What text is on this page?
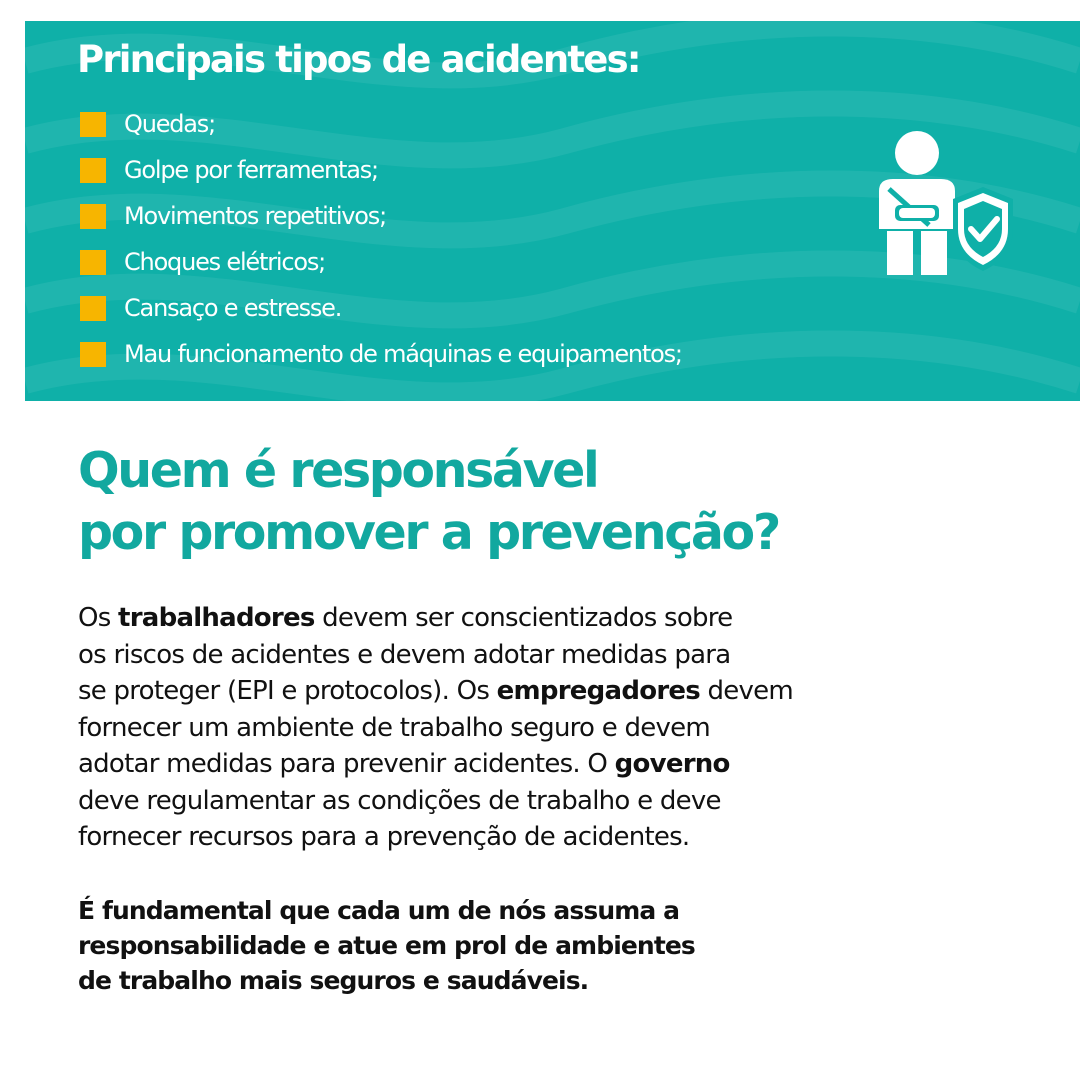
Principais tipos de acidentes:
Quedas;
Golpe por ferramentas;
Movimentos repetitivos;
Choques elétricos;
Cansaço e estresse.
Mau funcionamento de máquinas e equipamentos;
Quem é responsável
por promover a prevenção?

Os trabalhadores devem ser conscientizados sobre
os riscos de acidentes e devem adotar medidas para
se proteger (EPI e protocolos). Os empregadores devem
fornecer um ambiente de trabalho seguro e devem
adotar medidas para prevenir acidentes. O governo
deve regulamentar as condições de trabalho e deve
fornecer recursos para a prevenção de acidentes.

É fundamental que cada um de nós assuma a
responsabilidade e atue em prol de ambientes
de trabalho mais seguros e saudáveis.
